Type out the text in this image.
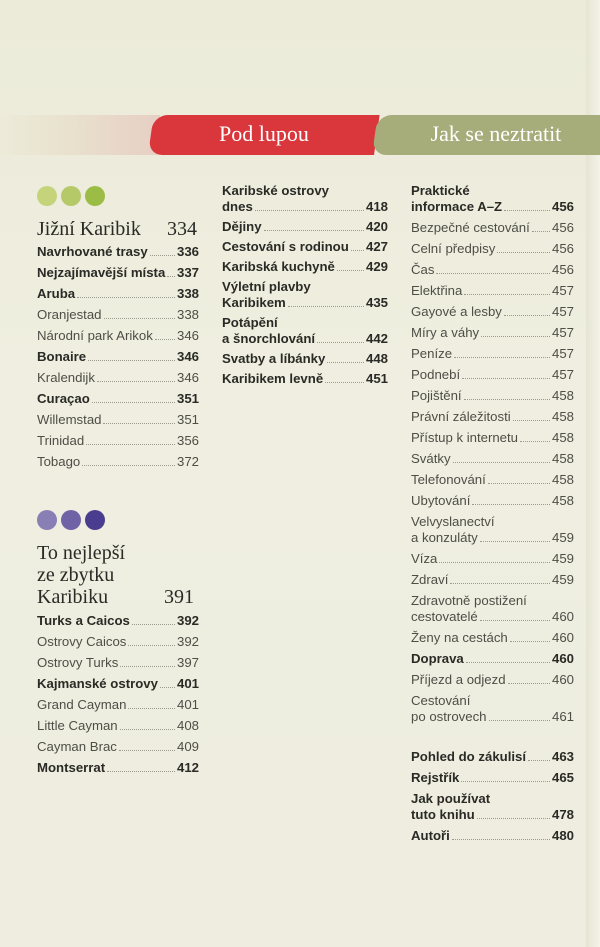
Pod lupou	Jak se neztratit
Jižní Karibik 334
Navrhované trasy 336
Nejzajímavější místa 337
Aruba	338
Oranjestad	338
Národní park Arikok 346
Bonaire	346
Kralendijk	346
Curaçao	351
Willemstad	351
Trinidad	356
Tobago	372
To nejlepší
ze zbytku
Karibiku	391
Turks a Caicos	392
Ostrovy Caicos	392
Ostrovy Turks	397
Kajmanské ostrovy 401
Grand Cayman	401
Little Cayman	408
Cayman Brac	409
Montserrat	412
Karibské ostrovy
dnes	418
Dějiny	420
Cestování s rodinou 427
Karibská kuchyně 429
Výletní plavby
Karibikem	435
Potápění
a šnorchlování	442
Svatby a líbánky	448
Karibikem levně	451
Praktické
informace A–Z	456
Bezpečné cestování 456
Celní předpisy	456
Čas	456
Elektřina	457
Gayové a lesby	457
Míry a váhy	457
Peníze	457
Podnebí	457
Pojištění	458
Právní záležitosti	458
Přístup k internetu	458
Svátky	458
Telefonování	458
Ubytování	458
Velvyslanectví
a konzuláty	459
Víza	459
Zdraví	459
Zdravotně postižení
cestovatelé	460
Ženy na cestách	460
Doprava	460
Příjezd a odjezd	460
Cestování
po ostrovech	461
Pohled do zákulisí 463
Rejstřík	465
Jak používat
tuto knihu	478
Autoři	480
